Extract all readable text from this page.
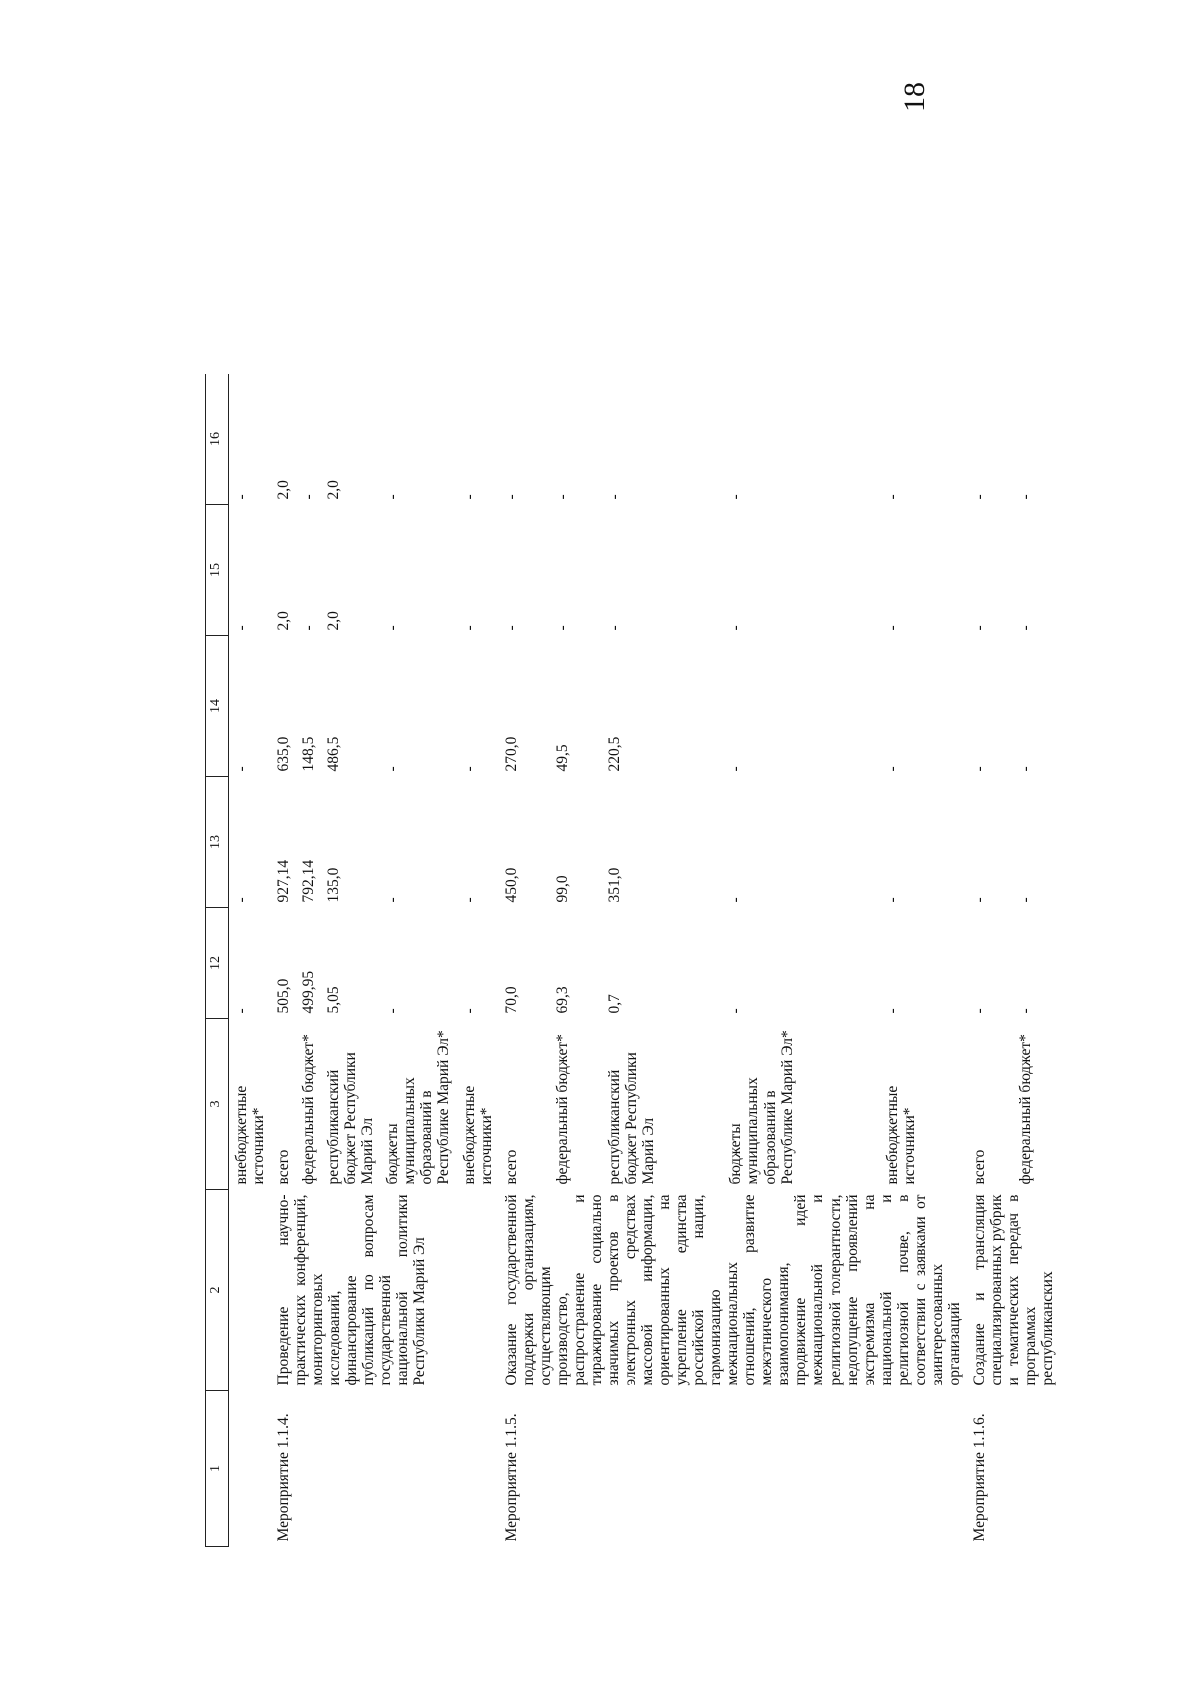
18
1	2	3	12	13	14	15	16
		внебюджетные источники*	-	-	-	-	-
Мероприятие 1.1.4.	Проведение научно-практических конференций, мониторинговых исследований, финансирование публикаций по вопросам государственной национальной политики Республики Марий Эл	всего	505,0	927,14	635,0	2,0	2,0
		федеральный бюджет*	499,95	792,14	148,5	-	-
		республиканский бюджет Республики Марий Эл	5,05	135,0	486,5	2,0	2,0
		бюджеты муниципальных образований в Республике Марий Эл*	-	-	-	-	-
		внебюджетные источники*	-	-	-	-	-
Мероприятие 1.1.5.	Оказание государственной поддержки организациям, осуществляющим производство, распространение и тиражирование социально значимых проектов в электронных средствах массовой информации, ориентированных на укрепление единства российской нации, гармонизацию межнациональных отношений, развитие межэтнического взаимопонимания, продвижение идей межнациональной и религиозной толерантности, недопущение проявлений экстремизма на национальной и религиозной почве, в соответствии с заявками от заинтересованных организаций	всего	70,0	450,0	270,0	-	-
		федеральный бюджет*	69,3	99,0	49,5	-	-
		республиканский бюджет Республики Марий Эл	0,7	351,0	220,5	-	-
		бюджеты муниципальных образований в Республике Марий Эл*	-	-	-	-	-
		внебюджетные источники*	-	-	-	-	-
Мероприятие 1.1.6.	Создание и трансляция специализированных рубрик и тематических передач в программах республиканских	всего	-	-	-	-	-
		федеральный бюджет*	-	-	-	-	-
